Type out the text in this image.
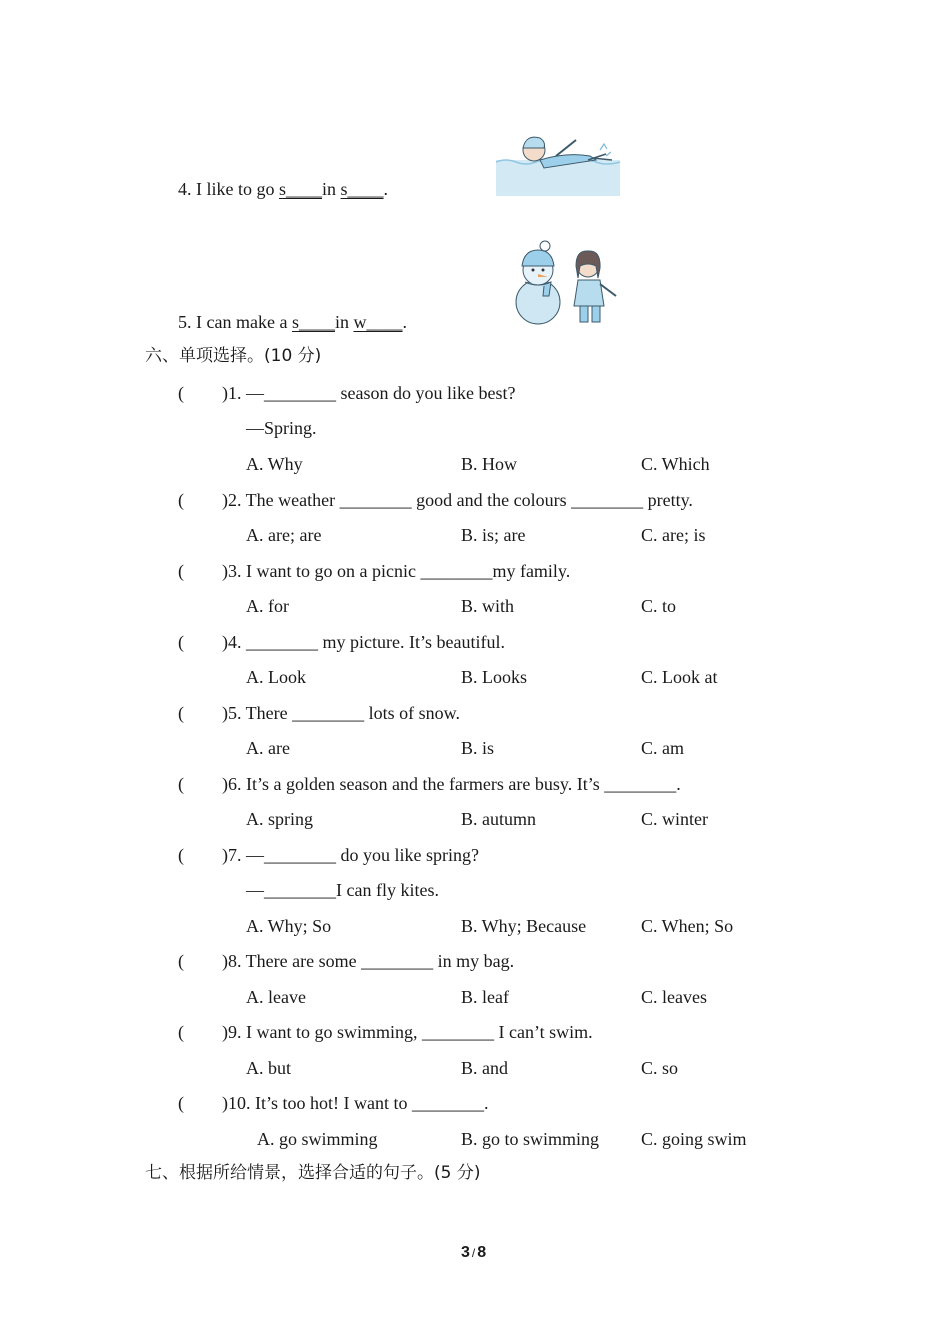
4. I like to go s____in s____.
5. I can make a s____in w____.
六、单项选择。(10 分)
( )1. —________ season do you like best?
—Spring.
A. Why	B. How	C. Which
( )2. The weather ________ good and the colours ________ pretty.
A. are; are	B. is; are	C. are; is
( )3. I want to go on a picnic ________my family.
A. for	B. with	C. to
( )4. ________ my picture. It’s beautiful.
A. Look	B. Looks	C. Look at
( )5. There ________ lots of snow.
A. are	B. is	C. am
( )6. It’s a golden season and the farmers are busy. It’s ________.
A. spring	B. autumn	C. winter
( )7. —________ do you like spring?
—________I can fly kites.
A. Why; So	B. Why; Because	C. When; So
( )8. There are some ________ in my bag.
A. leave	B. leaf	C. leaves
( )9. I want to go swimming, ________ I can’t swim.
A. but	B. and	C. so
( )10. It’s too hot! I want to ________.
A. go swimming	B. go to swimming C. going swim
七、根据所给情景，选择合适的句子。(5 分)
3 / 8
